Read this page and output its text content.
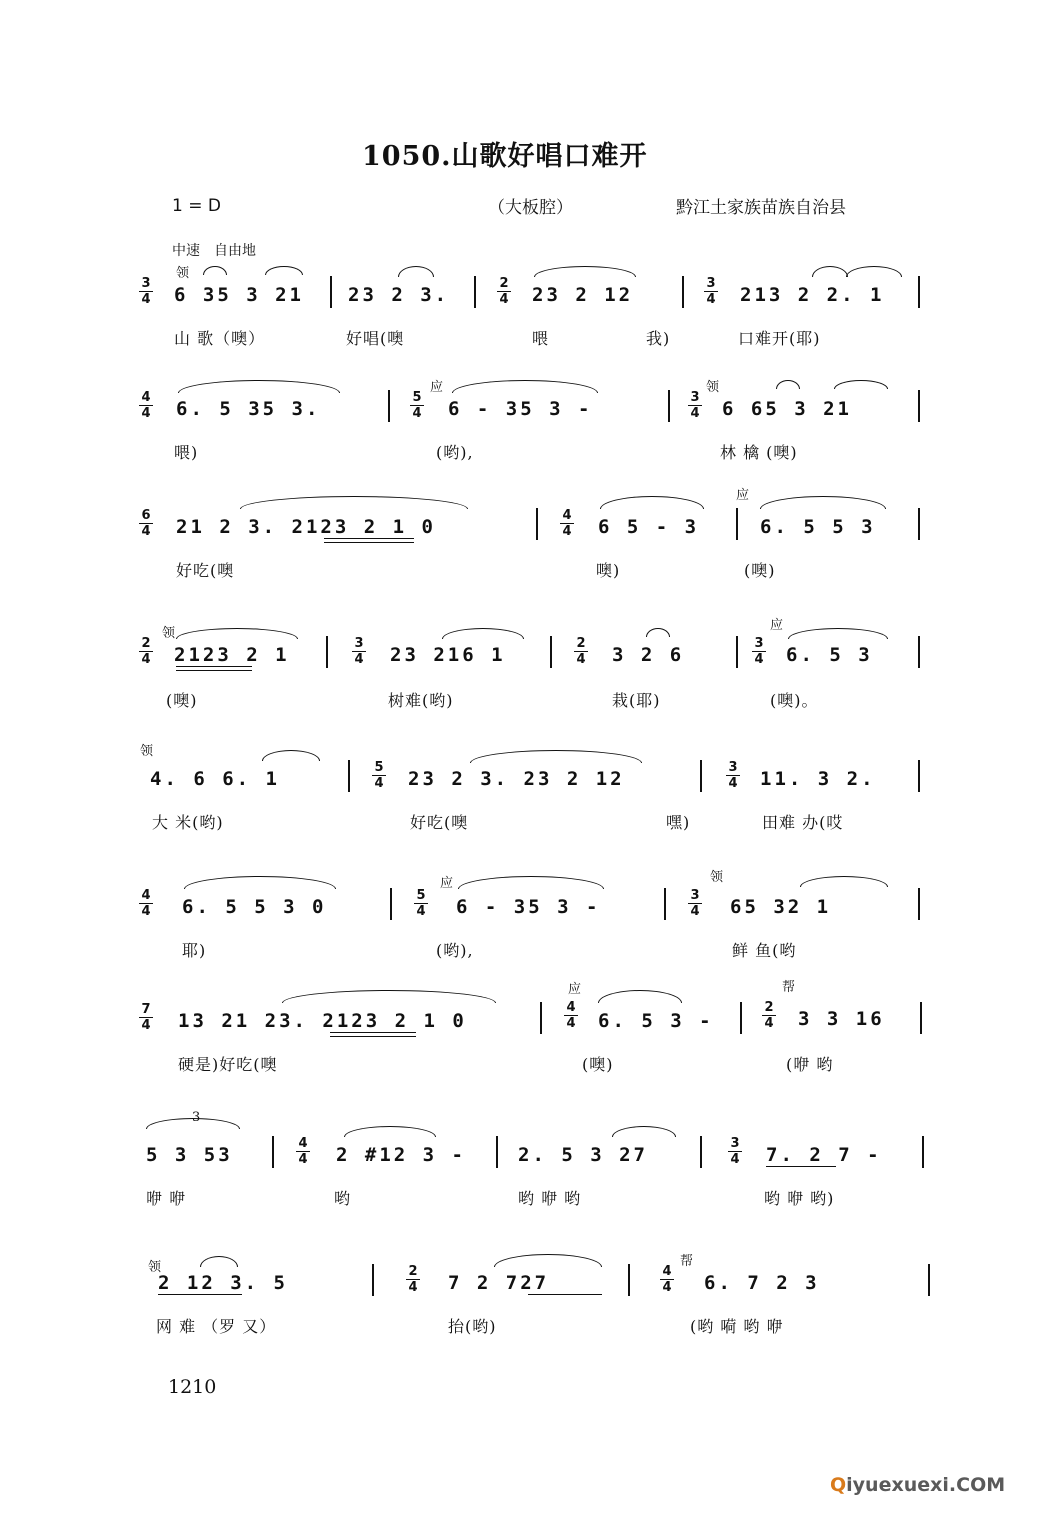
1050.山歌好唱口难开
1 = D	（大板腔）	黔江土家族苗族自治县
中速　自由地
3
4
领
6 35 3 21 23 2 3.
2
4 23 2 12
3
4 213 2 2. 1
山 歌（噢）	好唱(噢	喂	我)	口难开(耶)
4
4 6. 5 35 3.
应
5
4 6 - 35 3 -
领
3
4 6 65 3 21
喂)	(哟),	林 檎 (噢)
6
4 21 2 3. 2123 2 1 0
4
4 6 5 - 3
应
6. 5 5 3
好吃(噢	噢)	(噢)
领
2
4 2123 2 1
3
4 23 216 1
2
4 3 2 6
应
3
4 6. 5 3
(噢)	树难(哟)	栽(耶)	(噢)。
领
4. 6 6. 1
5
4 23 2 3. 23 2 12
3
4 11. 3 2.
大 米(哟)	好吃(噢	嘿)	田难 办(哎
4
4 6. 5 5 3 0
应
5
4 6 - 35 3 -
领
3
4 65 32 1
耶)	(哟),	鲜 鱼(哟
7
4 13 21 23. 2123 2 1 0
应
4
4 6. 5 3 -
帮
2
4 3 3 16
硬是)好吃(噢	(噢)	(咿 哟
3
5 3 53
4
4 2 #12 3 -	2. 5 3 27
3
4 7. 2 7 -
咿 咿	哟	哟 咿 哟	哟 咿 哟)
领
2 12 3. 5
2
4 7 2 727
帮
4
4 6. 7 2 3
网 难 （罗 又）	抬(哟)	(哟 嗬 哟 咿
1210
Qiyuexuexi.COM
